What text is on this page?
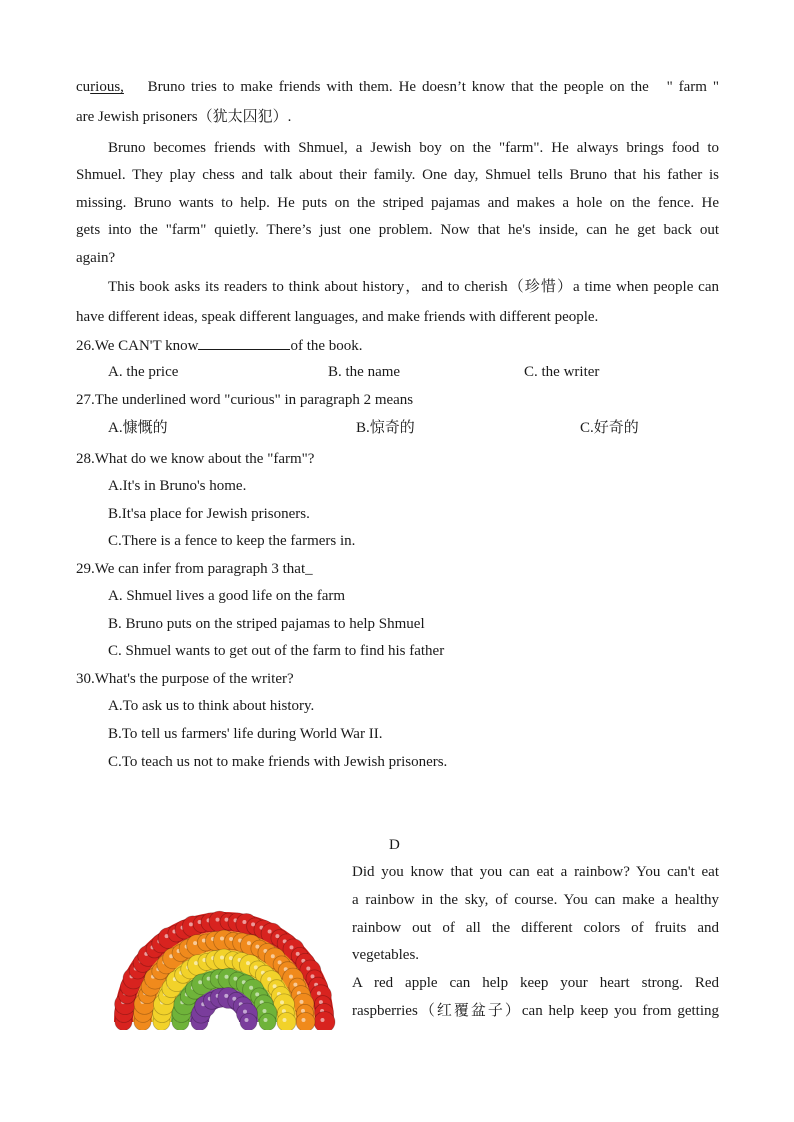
curious,    Bruno tries to make friends with them. He doesn’t know that the people on the   " farm "
are Jewish prisoners（犹太囚犯）.
Bruno becomes friends with Shmuel, a Jewish boy on the "farm". He always brings food to
Shmuel. They play chess and talk about their family. One day, Shmuel tells Bruno that his father is
missing. Bruno wants to help. He puts on the striped pajamas and makes a hole on the fence. He
gets into the "farm" quietly. There’s just one problem. Now that he's inside, can he get back out
again?
This book asks its readers to think about history，and to cherish（珍惜）a time when people can
have different ideas, speak different languages, and make friends with different people.
26.We CAN'T know	of the book.
A. the price	B. the name	C. the writer
27.The underlined word "curious" in paragraph 2 means
A.慷慨的	B.惊奇的	C.好奇的
28.What do we know about the "farm"?
A.It's in Bruno's home.
B.It'sa place for Jewish prisoners.
C.There is a fence to keep the farmers in.
29.We can infer from paragraph 3 that_
A. Shmuel lives a good life on the farm
B. Bruno puts on the striped pajamas to help Shmuel
C. Shmuel wants to get out of the farm to find his father
30.What's the purpose of the writer?
A.To ask us to think about history.
B.To tell us farmers' life during World War II.
C.To teach us not to make friends with Jewish prisoners.
D
Did you know that you can eat a rainbow? You can't eat
a rainbow in the sky, of course. You can make a healthy
rainbow out of all the different colors of fruits and
vegetables.
A red apple can help keep your heart strong. Red
raspberries（红覆盆子）can help keep you from getting
